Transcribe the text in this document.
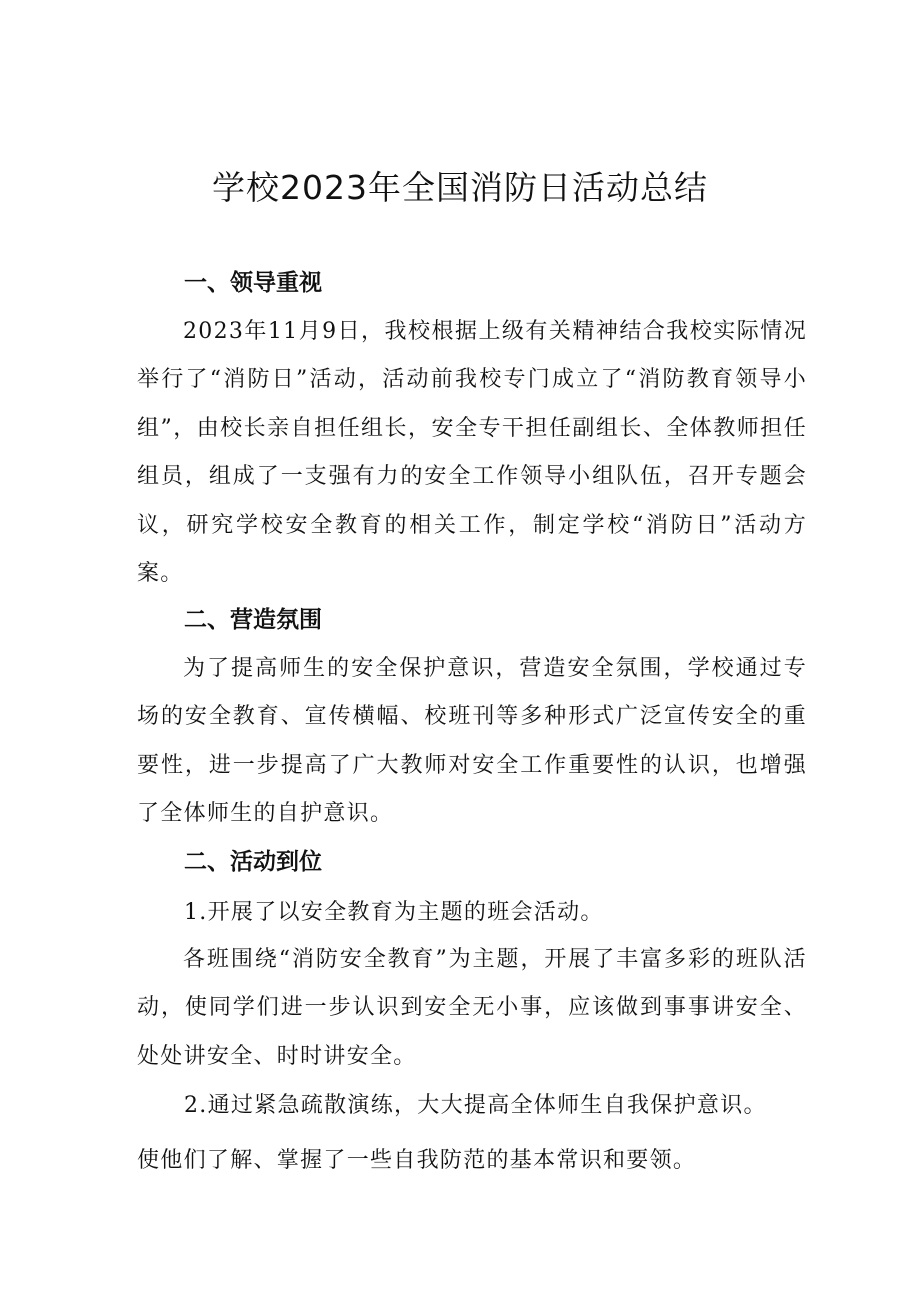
学校2023年全国消防日活动总结
一、领导重视

2023年11月9日，我校根据上级有关精神结合我校实际情况举行了“消防日”活动，活动前我校专门成立了“消防教育领导小组”，由校长亲自担任组长，安全专干担任副组长、全体教师担任组员，组成了一支强有力的安全工作领导小组队伍，召开专题会议，研究学校安全教育的相关工作，制定学校“消防日”活动方案。

二、营造氛围

为了提高师生的安全保护意识，营造安全氛围，学校通过专场的安全教育、宣传横幅、校班刊等多种形式广泛宣传安全的重要性，进一步提高了广大教师对安全工作重要性的认识，也增强了全体师生的自护意识。

二、活动到位

1.开展了以安全教育为主题的班会活动。

各班围绕“消防安全教育”为主题，开展了丰富多彩的班队活动，使同学们进一步认识到安全无小事，应该做到事事讲安全、处处讲安全、时时讲安全。

2.通过紧急疏散演练，大大提高全体师生自我保护意识。

使他们了解、掌握了一些自我防范的基本常识和要领。
